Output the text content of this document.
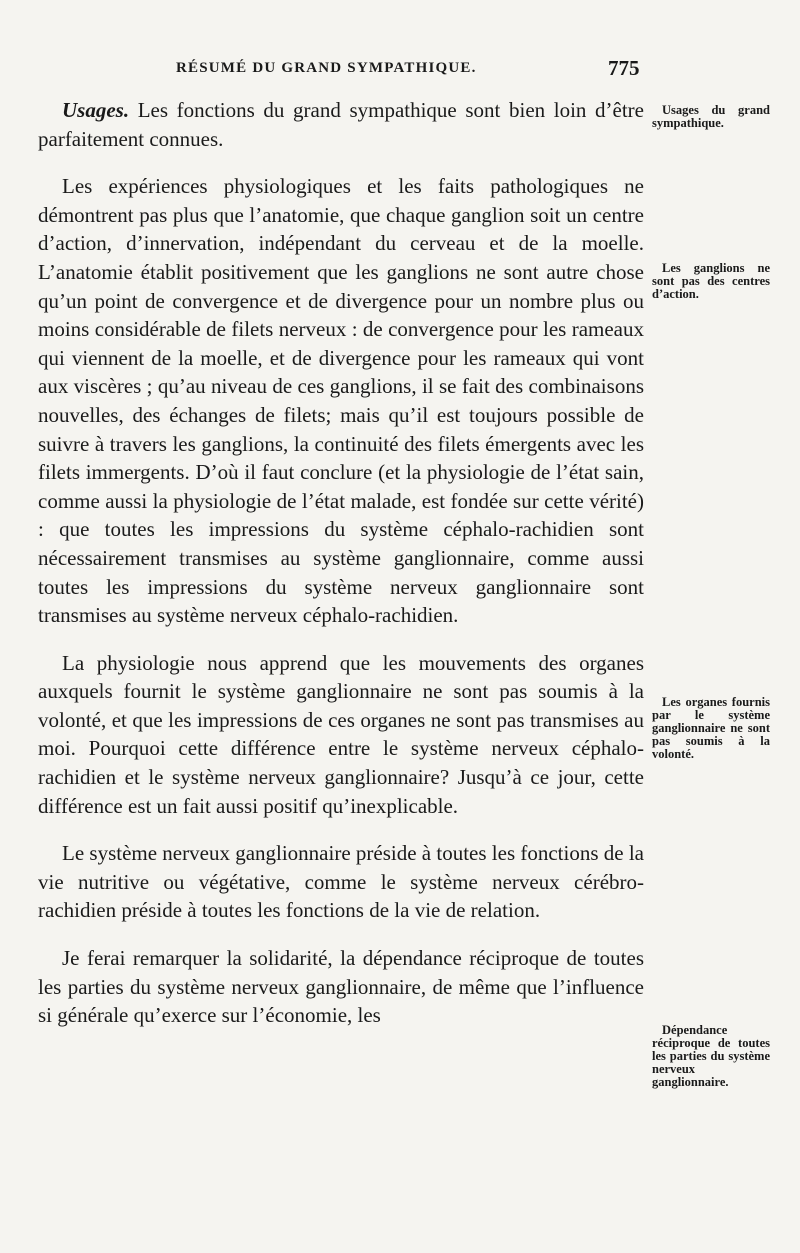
RÉSUMÉ DU GRAND SYMPATHIQUE.	775

Usages. Les fonctions du grand sympathique sont bien loin d’être parfaitement connues.

Les expériences physiologiques et les faits pathologiques ne démontrent pas plus que l’anatomie, que chaque ganglion soit un centre d’action, d’innervation, indépendant du cerveau et de la moelle. L’anatomie établit positivement que les ganglions ne sont autre chose qu’un point de convergence et de divergence pour un nombre plus ou moins considérable de filets nerveux : de convergence pour les rameaux qui viennent de la moelle, et de divergence pour les rameaux qui vont aux viscères ; qu’au niveau de ces ganglions, il se fait des combinaisons nouvelles, des échanges de filets; mais qu’il est toujours possible de suivre à travers les ganglions, la continuité des filets émergents avec les filets immergents. D’où il faut conclure (et la physiologie de l’état sain, comme aussi la physiologie de l’état malade, est fondée sur cette vérité) : que toutes les impressions du système céphalo-rachidien sont nécessairement transmises au système ganglionnaire, comme aussi toutes les impressions du système nerveux ganglionnaire sont transmises au système nerveux céphalo-rachidien.

La physiologie nous apprend que les mouvements des organes auxquels fournit le système ganglionnaire ne sont pas soumis à la volonté, et que les impressions de ces organes ne sont pas transmises au moi. Pourquoi cette différence entre le système nerveux céphalo-rachidien et le système nerveux ganglionnaire? Jusqu’à ce jour, cette différence est un fait aussi positif qu’inexplicable.

Le système nerveux ganglionnaire préside à toutes les fonctions de la vie nutritive ou végétative, comme le système nerveux cérébro-rachidien préside à toutes les fonctions de la vie de relation.

Je ferai remarquer la solidarité, la dépendance réciproque de toutes les parties du système nerveux ganglionnaire, de même que l’influence si générale qu’exerce sur l’économie, les

Usages du grand sympathique.
Les ganglions ne sont pas des centres d’action.
Les organes fournis par le système ganglionnaire ne sont pas soumis à la volonté.
Dépendance réciproque de toutes les parties du système nerveux ganglionnaire.
